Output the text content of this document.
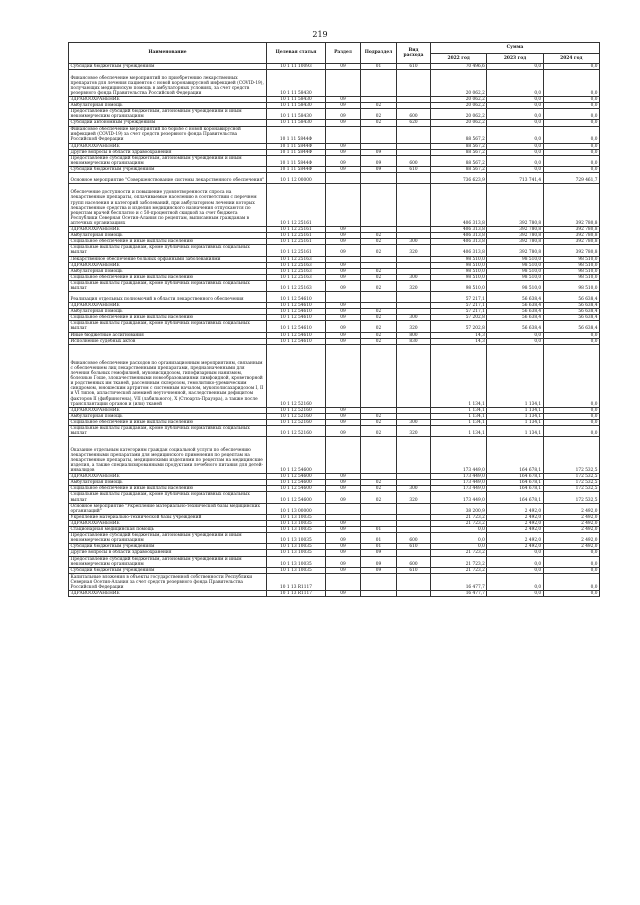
219
Наименование	Целевая статья	Раздел	Подраздел	Вид расхода	Сумма		
					2022 год	2023 год	2024 год
Субсидии бюджетным учреждениям	10 1 11 10093	09	01	610	70 496,6	0,0	0,0
Финансовое обеспечение мероприятий по приобретению лекарственных препаратов для лечения пациентов с новой коронавирусной инфекцией (COVID-19), получающих медицинскую помощь в амбулаторных условиях, за счет средств резервного фонда Правительства Российской Федерации	10 1 11 58430				20 062,2	0,0	0,0
ЗДРАВООХРАНЕНИЕ	10 1 11 58430	09			20 062,2	0,0	0,0
Амбулаторная помощь	10 1 11 58430	09	02		20 062,2	0,0	0,0
Предоставление субсидий бюджетным, автономным учреждениям и иным некоммерческим организациям	10 1 11 58430	09	02	600	20 062,2	0,0	0,0
Субсидии автономным учреждениям	10 1 11 58430	09	02	620	20 062,2	0,0	0,0
Финансовое обеспечение мероприятий по борьбе с новой коронавирусной инфекцией (COVID-19) за счет средств резервного фонда Правительства Российской Федерации	10 1 11 5844Ф				88 567,2	0,0	0,0
ЗДРАВООХРАНЕНИЕ	10 1 11 5844Ф	09			88 567,2	0,0	0,0
Другие вопросы в области здравоохранения	10 1 11 5844Ф	09	09		88 567,2	0,0	0,0
Предоставление субсидий бюджетным, автономным учреждениям и иным некоммерческим организациям	10 1 11 5844Ф	09	09	600	88 567,2	0,0	0,0
Субсидии бюджетным учреждениям	10 1 11 5844Ф	09	09	610	88 567,2	0,0	0,0
Основное мероприятие "Совершенствование системы лекарственного обеспечения"	10 1 12 00000				736 623,9	713 741,4	729 461,7
Обеспечение доступности и повышение удовлетворенности спроса на лекарственные препараты, оплачиваемые населению в соответствии с перечнем групп населения и категорий заболеваний, при амбулаторном лечении которых лекарственные средства и изделия медицинского назначения отпускаются по рецептам врачей бесплатно и с 50-процентной скидкой за счет бюджета Республики Северная Осетия-Алания по рецептам, выписанным гражданам в аптечных организациях	10 1 12 25161				406 313,8	392 780,8	392 780,8
ЗДРАВООХРАНЕНИЕ	10 1 12 25161	09			406 313,8	392 780,8	392 780,8
Амбулаторная помощь	10 1 12 25161	09	02		406 313,8	392 780,8	392 780,8
Социальное обеспечение и иные выплаты населению	10 1 12 25161	09	02	300	406 313,8	392 780,8	392 780,8
Социальные выплаты гражданам, кроме публичных нормативных социальных выплат	10 1 12 25161	09	02	320	406 313,8	392 780,8	392 780,8
Лекарственное обеспечение больных орфанными заболеваниями	10 1 12 25163				98 510,0	98 510,0	98 510,0
ЗДРАВООХРАНЕНИЕ	10 1 12 25163	09			98 510,0	98 510,0	98 510,0
Амбулаторная помощь	10 1 12 25163	09	02		98 510,0	98 510,0	98 510,0
Социальное обеспечение и иные выплаты населению	10 1 12 25163	09	02	300	98 510,0	98 510,0	98 510,0
Социальные выплаты гражданам, кроме публичных нормативных социальных выплат	10 1 12 25163	09	02	320	98 510,0	98 510,0	98 510,0
Реализация отдельных полномочий в области лекарственного обеспечения	10 1 12 54610				57 217,1	56 638,4	56 638,4
ЗДРАВООХРАНЕНИЕ	10 1 12 54610	09			57 217,1	56 638,4	56 638,4
Амбулаторная помощь	10 1 12 54610	09	02		57 217,1	56 638,4	56 638,4
Социальное обеспечение и иные выплаты населению	10 1 12 54610	09	02	300	57 202,8	56 638,4	56 638,4
Социальные выплаты гражданам, кроме публичных нормативных социальных выплат	10 1 12 54610	09	02	320	57 202,8	56 638,4	56 638,4
Иные бюджетные ассигнования	10 1 12 54610	09	02	800	14,3	0,0	0,0
Исполнение судебных актов	10 1 12 54610	09	02	830	14,3	0,0	0,0
Финансовое обеспечение расходов по организационным мероприятиям, связанным с обеспечением лиц лекарственными препаратами, предназначенными для лечения больных гемофилией, муковисцидозом, гипофизарным нанизмом, болезнью Гоше, злокачественными новообразованиями лимфоидной, кроветворной и родственных им тканей, рассеянным склерозом, гемолитико-уремическим синдромом, юношеским артритом с системным началом, мукополисахаридозом I, II и VI типов, апластической анемией неуточненной, наследственным дефицитом факторов II (фибриногена), VII (лабильного), X (Стюарта-Прауэра), а также после трансплантации органов и (или) тканей	10 1 12 52160				1 134,1	1 134,1	0,0
ЗДРАВООХРАНЕНИЕ	10 1 12 52160	09			1 134,1	1 134,1	0,0
Амбулаторная помощь	10 1 12 52160	09	02		1 134,1	1 134,1	0,0
Социальное обеспечение и иные выплаты населению	10 1 12 52160	09	02	300	1 134,1	1 134,1	0,0
Социальные выплаты гражданам, кроме публичных нормативных социальных выплат	10 1 12 52160	09	02	320	1 134,1	1 134,1	0,0
Оказание отдельным категориям граждан социальной услуги по обеспечению лекарственными препаратами для медицинского применения по рецептам на лекарственные препараты, медицинскими изделиями по рецептам на медицинские изделия, а также специализированными продуктами лечебного питания для детей-инвалидов	10 1 12 54600				173 449,0	164 678,1	172 532,5
ЗДРАВООХРАНЕНИЕ	10 1 12 54600	09			173 449,0	164 678,1	172 532,5
Амбулаторная помощь	10 1 12 54600	09	02		173 449,0	164 678,1	172 532,5
Социальное обеспечение и иные выплаты населению	10 1 12 54600	09	02	300	173 449,0	164 678,1	172 532,5
Социальные выплаты гражданам, кроме публичных нормативных социальных выплат	10 1 12 54600	09	02	320	173 449,0	164 678,1	172 532,5
Основное мероприятие "Укрепление материально-технической базы медицинских организаций"	10 1 13 00000				38 200,9	2 492,0	2 492,0
Укрепление материально-технической базы учреждений	10 1 13 10035				21 723,2	2 492,0	2 492,0
ЗДРАВООХРАНЕНИЕ	10 1 13 10035	09			21 723,2	2 492,0	2 492,0
Стационарная медицинская помощь	10 1 13 10035	09	01		0,0	2 492,0	2 492,0
Предоставление субсидий бюджетным, автономным учреждениям и иным некоммерческим организациям	10 1 13 10035	09	01	600	0,0	2 492,0	2 492,0
Субсидии бюджетным учреждениям	10 1 13 10035	09	01	610	0,0	2 492,0	2 492,0
Другие вопросы в области здравоохранения	10 1 13 10035	09	09		21 723,2	0,0	0,0
Предоставление субсидий бюджетным, автономным учреждениям и иным некоммерческим организациям	10 1 13 10035	09	09	600	21 723,2	0,0	0,0
Субсидии бюджетным учреждениям	10 1 13 10035	09	09	610	21 723,2	0,0	0,0
Капитальные вложения в объекты государственной собственности Республики Северная Осетия-Алания за счет средств резервного фонда Правительства Российской Федерации	10 1 13 R1117				16 477,7	0,0	0,0
ЗДРАВООХРАНЕНИЕ	10 1 13 R1117	09			16 477,7	0,0	0,0
